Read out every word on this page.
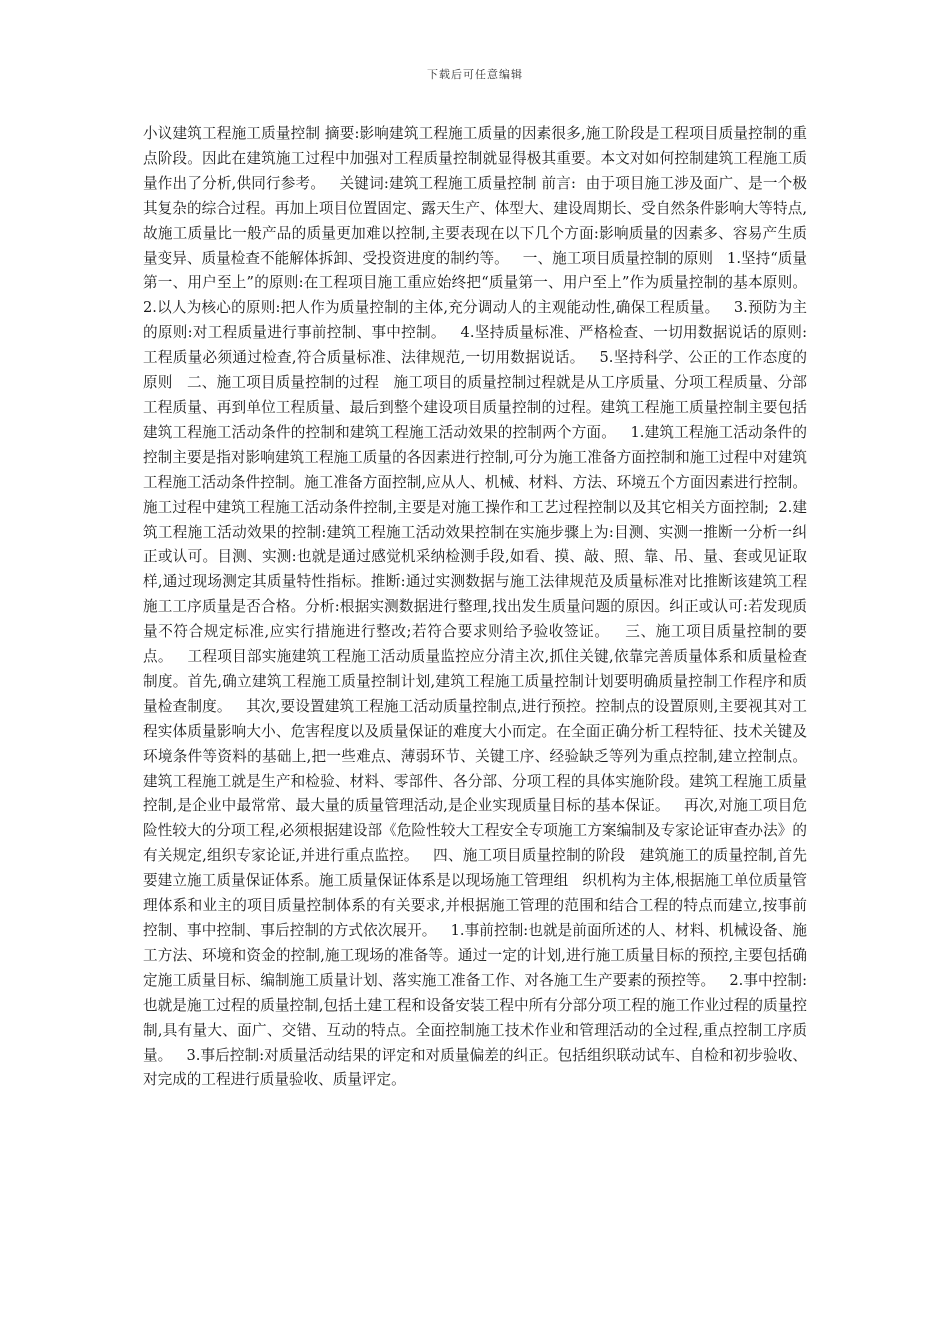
下载后可任意编辑

小议建筑工程施工质量控制 摘要:影响建筑工程施工质量的因素很多,施工阶段是工程项目质量控制的重点阶段。因此在建筑施工过程中加强对工程质量控制就显得极其重要。本文对如何控制建筑工程施工质量作出了分析,供同行参考。   关键词:建筑工程施工质量控制 前言:  由于项目施工涉及面广、是一个极其复杂的综合过程。再加上项目位置固定、露天生产、体型大、建设周期长、受自然条件影响大等特点,故施工质量比一般产品的质量更加难以控制,主要表现在以下几个方面:影响质量的因素多、容易产生质量变异、质量检查不能解体拆卸、受投资进度的制约等。   一、施工项目质量控制的原则   1.坚持“质量第一、用户至上”的原则:在工程项目施工重应始终把“质量第一、用户至上”作为质量控制的基本原则。   2.以人为核心的原则:把人作为质量控制的主体,充分调动人的主观能动性,确保工程质量。   3.预防为主的原则:对工程质量进行事前控制、事中控制。   4.坚持质量标准、严格检查、一切用数据说话的原则:工程质量必须通过检查,符合质量标准、法律规范,一切用数据说话。   5.坚持科学、公正的工作态度的原则   二、施工项目质量控制的过程   施工项目的质量控制过程就是从工序质量、分项工程质量、分部工程质量、再到单位工程质量、最后到整个建设项目质量控制的过程。建筑工程施工质量控制主要包括建筑工程施工活动条件的控制和建筑工程施工活动效果的控制两个方面。   1.建筑工程施工活动条件的控制主要是指对影响建筑工程施工质量的各因素进行控制,可分为施工准备方面控制和施工过程中对建筑工程施工活动条件控制。施工准备方面控制,应从人、机械、材料、方法、环境五个方面因素进行控制。施工过程中建筑工程施工活动条件控制,主要是对施工操作和工艺过程控制以及其它相关方面控制;  2.建筑工程施工活动效果的控制:建筑工程施工活动效果控制在实施步骤上为:目测、实测一推断一分析一纠正或认可。目测、实测:也就是通过感觉机采纳检测手段,如看、摸、敲、照、靠、吊、量、套或见证取样,通过现场测定其质量特性指标。推断:通过实测数据与施工法律规范及质量标准对比推断该建筑工程施工工序质量是否合格。分析:根据实测数据进行整理,找出发生质量问题的原因。纠正或认可:若发现质量不符合规定标准,应实行措施进行整改;若符合要求则给予验收签证。   三、施工项目质量控制的要点。   工程项目部实施建筑工程施工活动质量监控应分清主次,抓住关键,依靠完善质量体系和质量检查制度。首先,确立建筑工程施工质量控制计划,建筑工程施工质量控制计划要明确质量控制工作程序和质量检查制度。   其次,要设置建筑工程施工活动质量控制点,进行预控。控制点的设置原则,主要视其对工程实体质量影响大小、危害程度以及质量保证的难度大小而定。在全面正确分析工程特征、技术关键及环境条件等资料的基础上,把一些难点、薄弱环节、关键工序、经验缺乏等列为重点控制,建立控制点。建筑工程施工就是生产和检验、材料、零部件、各分部、分项工程的具体实施阶段。建筑工程施工质量控制,是企业中最常常、最大量的质量管理活动,是企业实现质量目标的基本保证。   再次,对施工项目危险性较大的分项工程,必须根据建设部《危险性较大工程安全专项施工方案编制及专家论证审查办法》的有关规定,组织专家论证,并进行重点监控。   四、施工项目质量控制的阶段   建筑施工的质量控制,首先要建立施工质量保证体系。施工质量保证体系是以现场施工管理组   织机构为主体,根据施工单位质量管理体系和业主的项目质量控制体系的有关要求,并根据施工管理的范围和结合工程的特点而建立,按事前控制、事中控制、事后控制的方式依次展开。   1.事前控制:也就是前面所述的人、材料、机械设备、施工方法、环境和资金的控制,施工现场的准备等。通过一定的计划,进行施工质量目标的预控,主要包括确定施工质量目标、编制施工质量计划、落实施工准备工作、对各施工生产要素的预控等。   2.事中控制:也就是施工过程的质量控制,包括土建工程和设备安装工程中所有分部分项工程的施工作业过程的质量控制,具有量大、面广、交错、互动的特点。全面控制施工技术作业和管理活动的全过程,重点控制工序质量。   3.事后控制:对质量活动结果的评定和对质量偏差的纠正。包括组织联动试车、自检和初步验收、对完成的工程进行质量验收、质量评定。
